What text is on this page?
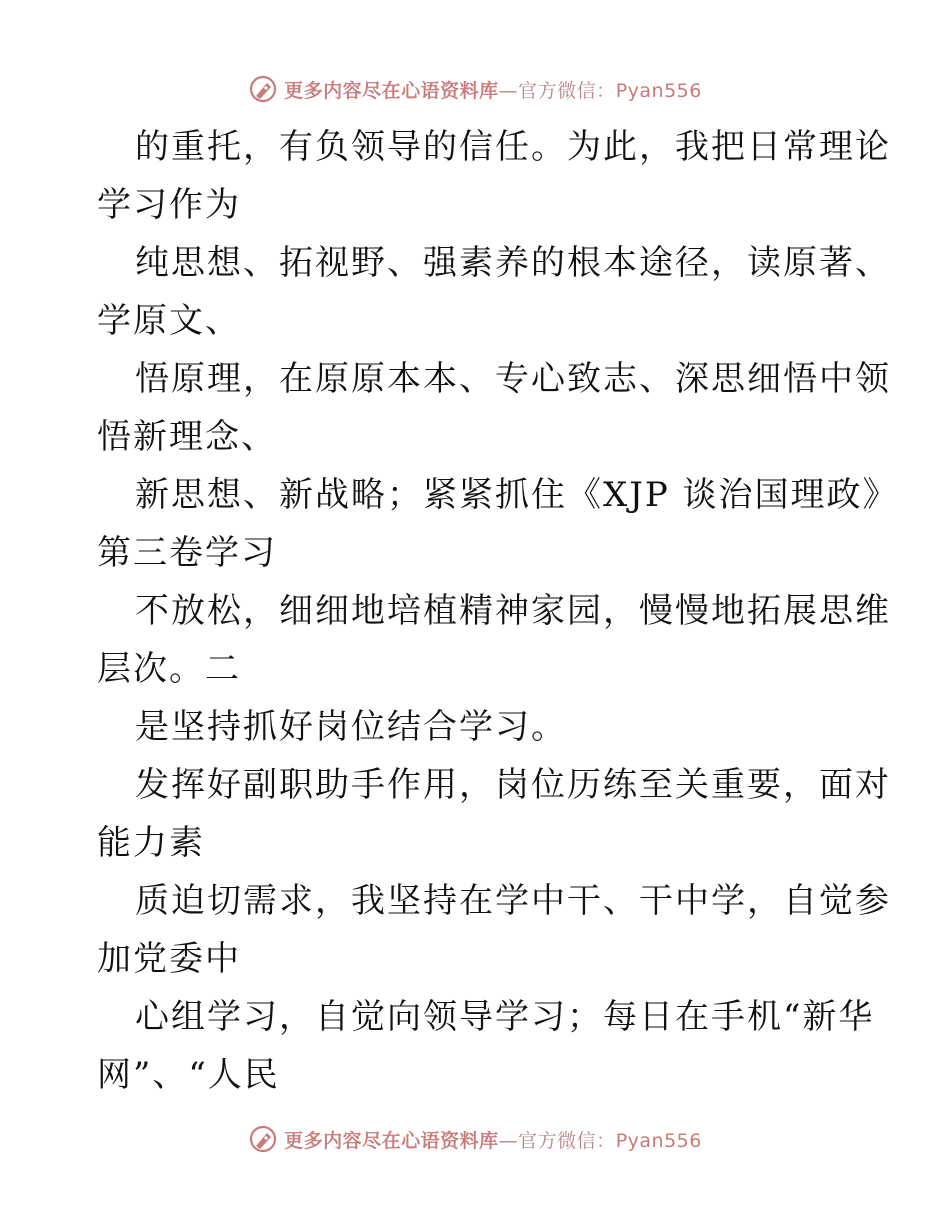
更多内容尽在心语资料库—官方微信：Pyan556
的重托，有负领导的信任。为此，我把日常理论
学习作为
纯思想、拓视野、强素养的根本途径，读原著、
学原文、
悟原理，在原原本本、专心致志、深思细悟中领
悟新理念、
新思想、新战略；紧紧抓住《XJP 谈治国理政》
第三卷学习
不放松，细细地培植精神家园，慢慢地拓展思维
层次。二
是坚持抓好岗位结合学习。
发挥好副职助手作用，岗位历练至关重要，面对
能力素
质迫切需求，我坚持在学中干、干中学，自觉参
加党委中
心组学习，自觉向领导学习；每日在手机“新华
网”、“人民
更多内容尽在心语资料库—官方微信：Pyan556
